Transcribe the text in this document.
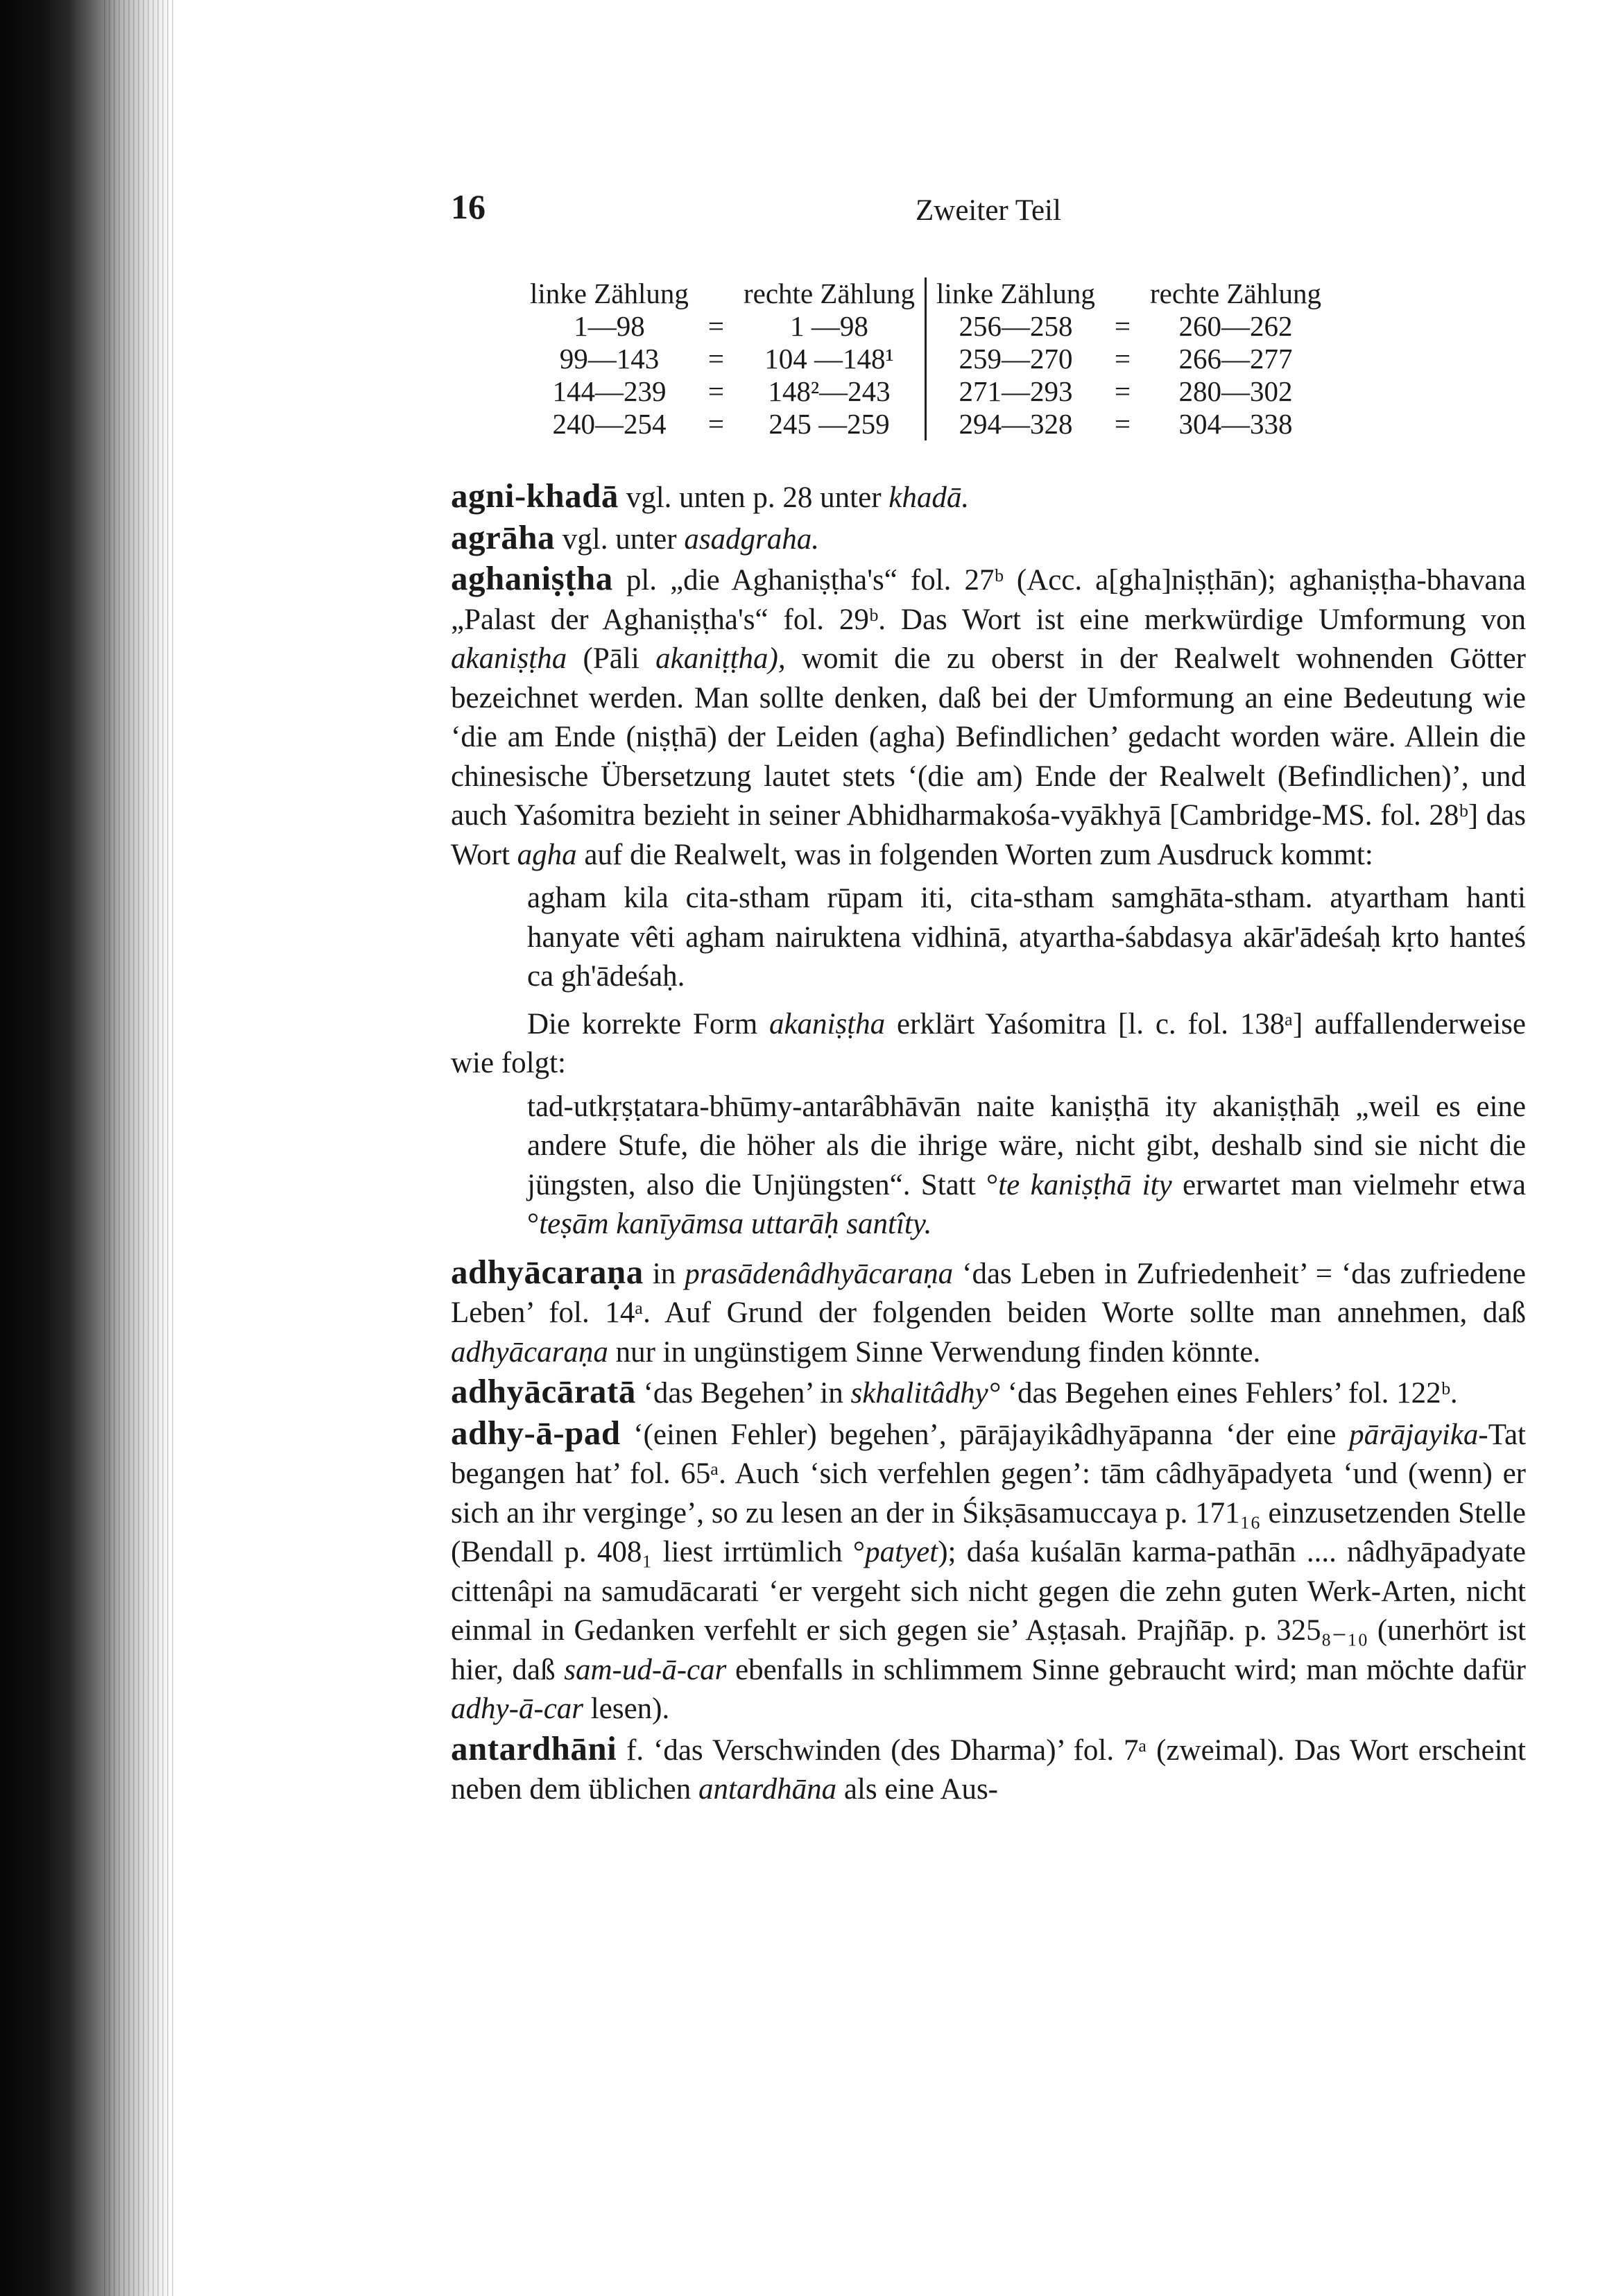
16	Zweiter Teil
linke Zählung		rechte Zählung	linke Zählung		rechte Zählung
1—98	=	1 —98	256—258	=	260—262
99—143	=	104 —148¹	259—270	=	266—277
144—239	=	148²—243	271—293	=	280—302
240—254	=	245 —259	294—328	=	304—338

agni-khadā vgl. unten p. 28 unter khadā.

agrāha vgl. unter asadgraha.

aghaniṣṭha pl. „die Aghaniṣṭha's“ fol. 27ᵇ (Acc. a[gha]niṣṭhān); aghaniṣṭha-bhavana „Palast der Aghaniṣṭha's“ fol. 29ᵇ. Das Wort ist eine merkwürdige Umformung von akaniṣṭha (Pāli akaniṭṭha), womit die zu oberst in der Realwelt wohnenden Götter bezeichnet werden. Man sollte denken, daß bei der Umformung an eine Bedeutung wie ‘die am Ende (niṣṭhā) der Leiden (agha) Befindlichen’ gedacht worden wäre. Allein die chinesische Übersetzung lautet stets ‘(die am) Ende der Realwelt (Befindlichen)’, und auch Yaśomitra bezieht in seiner Abhidharmakośa-vyākhyā [Cambridge-MS. fol. 28ᵇ] das Wort agha auf die Realwelt, was in folgenden Worten zum Ausdruck kommt:

agham kila cita-stham rūpam iti, cita-stham samghāta-stham. atyartham hanti hanyate vêti agham nairuktena vidhinā, atyartha-śabdasya akār'ādeśaḥ kṛto hanteś ca gh'ādeśaḥ.

Die korrekte Form akaniṣṭha erklärt Yaśomitra [l. c. fol. 138ᵃ] auffallenderweise wie folgt:

tad-utkṛṣṭatara-bhūmy-antarâbhāvān naite kaniṣṭhā ity akaniṣṭhāḥ „weil es eine andere Stufe, die höher als die ihrige wäre, nicht gibt, deshalb sind sie nicht die jüngsten, also die Unjüngsten“. Statt °te kaniṣṭhā ity erwartet man vielmehr etwa °teṣām kanīyāmsa uttarāḥ santîty.

adhyācaraṇa in prasādenâdhyācaraṇa ‘das Leben in Zufriedenheit’ = ‘das zufriedene Leben’ fol. 14ᵃ. Auf Grund der folgenden beiden Worte sollte man annehmen, daß adhyācaraṇa nur in ungünstigem Sinne Verwendung finden könnte.

adhyācāratā ‘das Begehen’ in skhalitâdhy° ‘das Begehen eines Fehlers’ fol. 122ᵇ.

adhy-ā-pad ‘(einen Fehler) begehen’, pārājayikâdhyāpanna ‘der eine pārājayika-Tat begangen hat’ fol. 65ᵃ. Auch ‘sich verfehlen gegen’: tām câdhyāpadyeta ‘und (wenn) er sich an ihr verginge’, so zu lesen an der in Śikṣāsamuccaya p. 171₁₆ einzusetzenden Stelle (Bendall p. 408₁ liest irrtümlich °patyet); daśa kuśalān karma-pathān .... nâdhyāpadyate cittenâpi na samudācarati ‘er vergeht sich nicht gegen die zehn guten Werk-Arten, nicht einmal in Gedanken verfehlt er sich gegen sie’ Aṣṭasah. Prajñāp. p. 325₈₋₁₀ (unerhört ist hier, daß sam-ud-ā-car ebenfalls in schlimmem Sinne gebraucht wird; man möchte dafür adhy-ā-car lesen).

antardhāni f. ‘das Verschwinden (des Dharma)’ fol. 7ᵃ (zweimal). Das Wort erscheint neben dem üblichen antardhāna als eine Aus-
